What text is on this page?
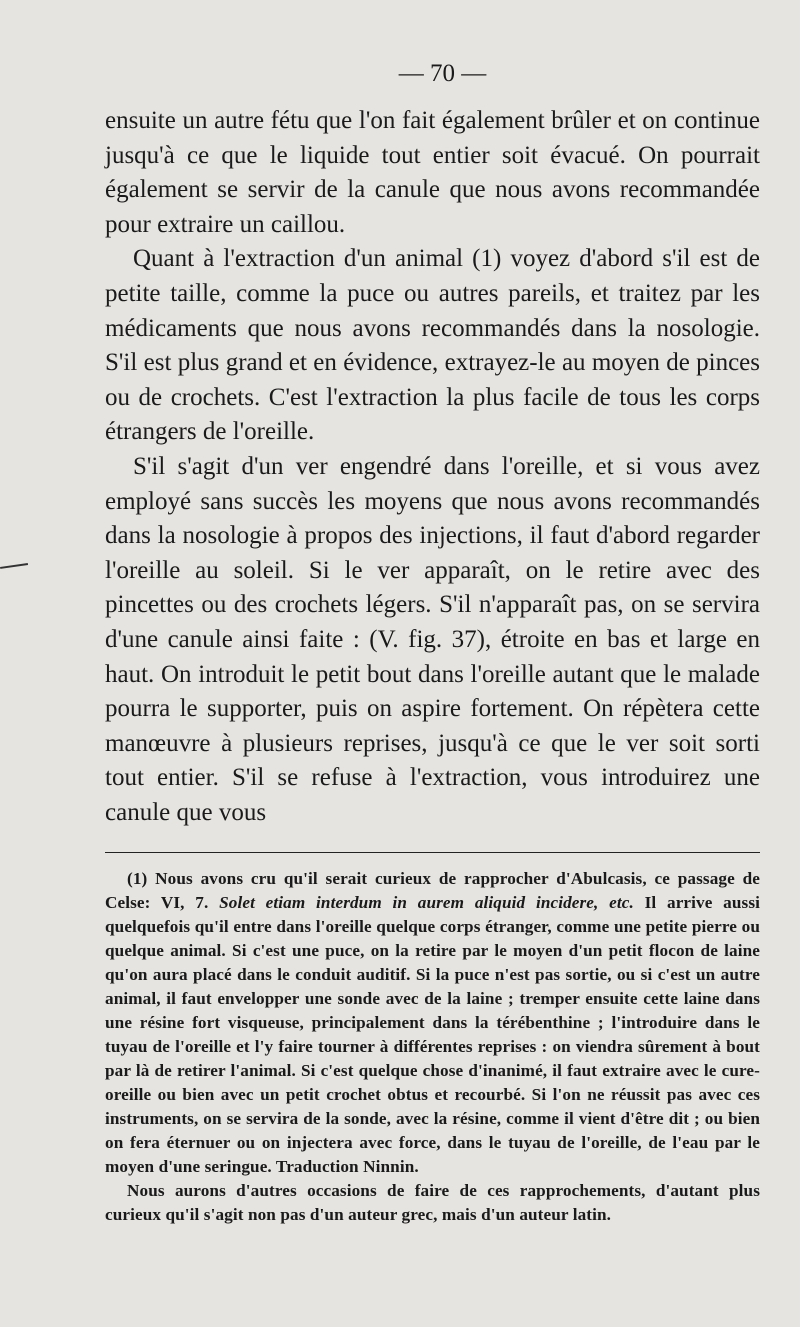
— 70 —

ensuite un autre fétu que l'on fait également brûler et on continue jusqu'à ce que le liquide tout entier soit évacué. On pourrait également se servir de la canule que nous avons recommandée pour extraire un caillou.

Quant à l'extraction d'un animal (1) voyez d'abord s'il est de petite taille, comme la puce ou autres pareils, et traitez par les médicaments que nous avons recommandés dans la nosologie. S'il est plus grand et en évidence, extrayez-le au moyen de pinces ou de crochets. C'est l'extraction la plus facile de tous les corps étrangers de l'oreille.

S'il s'agit d'un ver engendré dans l'oreille, et si vous avez employé sans succès les moyens que nous avons recommandés dans la nosologie à propos des injections, il faut d'abord regarder l'oreille au soleil. Si le ver apparaît, on le retire avec des pincettes ou des crochets légers. S'il n'apparaît pas, on se servira d'une canule ainsi faite : (V. fig. 37), étroite en bas et large en haut. On introduit le petit bout dans l'oreille autant que le malade pourra le supporter, puis on aspire fortement. On répètera cette manœuvre à plusieurs reprises, jusqu'à ce que le ver soit sorti tout entier. S'il se refuse à l'extraction, vous introduirez une canule que vous

(1) Nous avons cru qu'il serait curieux de rapprocher d'Abulcasis, ce passage de Celse: VI, 7. Solet etiam interdum in aurem aliquid incidere, etc. Il arrive aussi quelquefois qu'il entre dans l'oreille quelque corps étranger, comme une petite pierre ou quelque animal. Si c'est une puce, on la retire par le moyen d'un petit flocon de laine qu'on aura placé dans le conduit auditif. Si la puce n'est pas sortie, ou si c'est un autre animal, il faut envelopper une sonde avec de la laine ; tremper ensuite cette laine dans une résine fort visqueuse, principalement dans la térébenthine ; l'introduire dans le tuyau de l'oreille et l'y faire tourner à différentes reprises : on viendra sûrement à bout par là de retirer l'animal. Si c'est quelque chose d'inanimé, il faut extraire avec le cure-oreille ou bien avec un petit crochet obtus et recourbé. Si l'on ne réussit pas avec ces instruments, on se servira de la sonde, avec la résine, comme il vient d'être dit ; ou bien on fera éternuer ou on injectera avec force, dans le tuyau de l'oreille, de l'eau par le moyen d'une seringue. Traduction Ninnin.

Nous aurons d'autres occasions de faire de ces rapprochements, d'autant plus curieux qu'il s'agit non pas d'un auteur grec, mais d'un auteur latin.
